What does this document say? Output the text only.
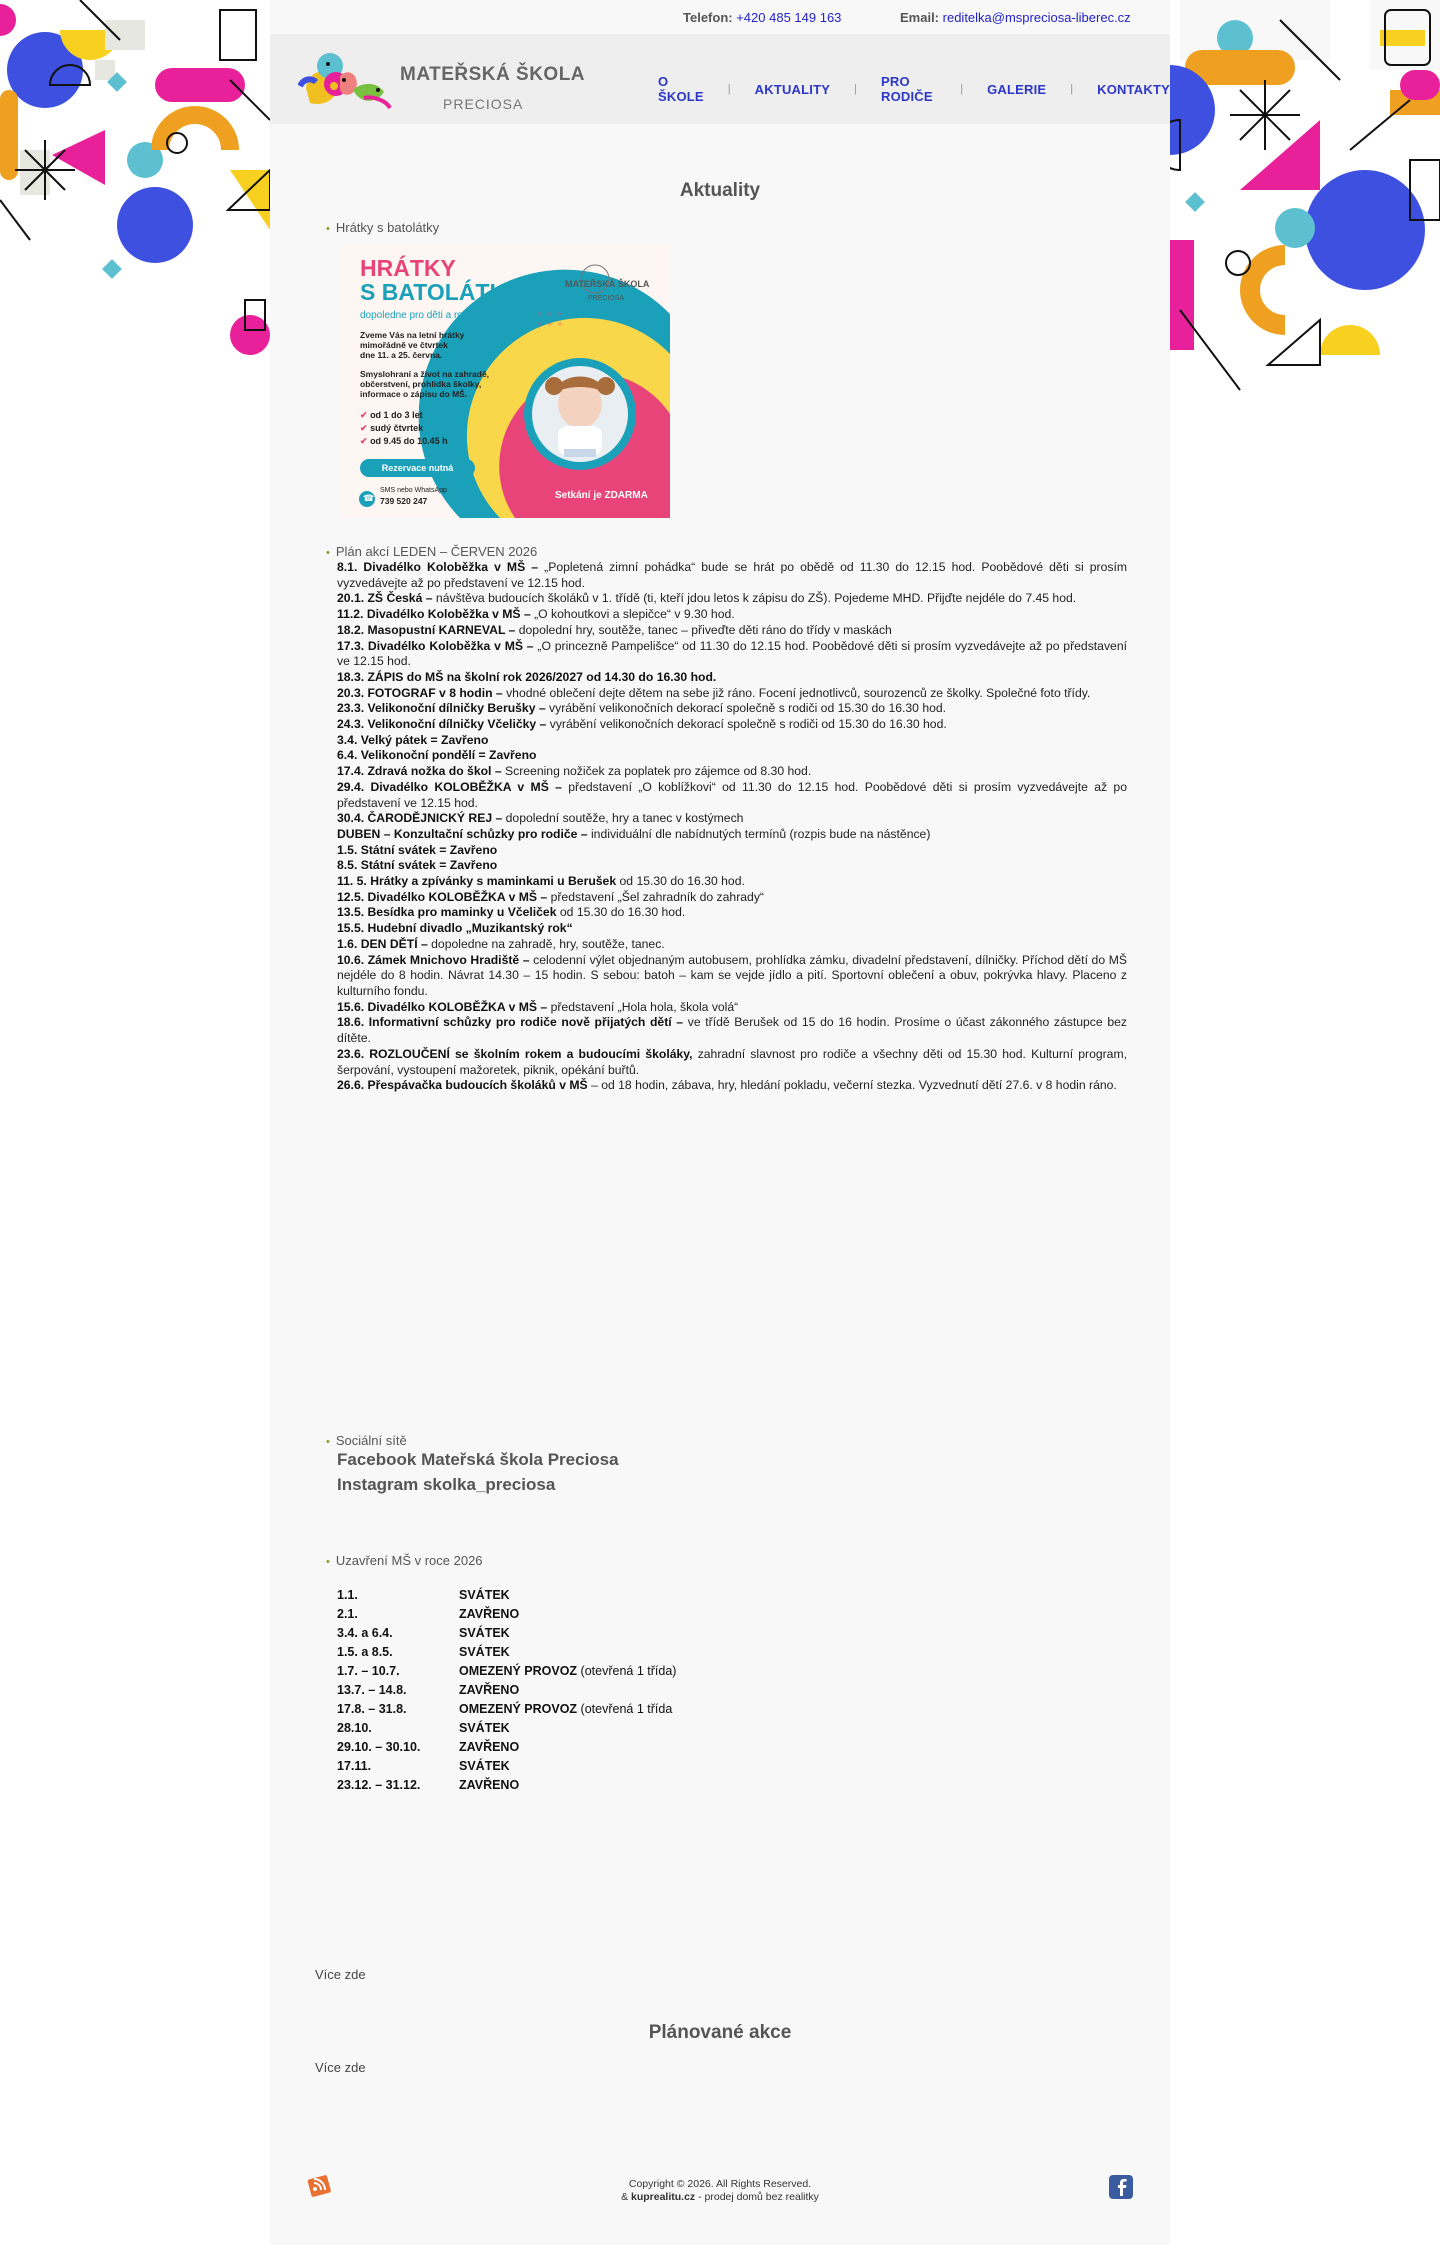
Telefon: +420 485 149 163	Email: reditelka@mspreciosa-liberec.cz
MATEŘSKÁ ŠKOLA
PRECIOSA
O ŠKOLE | AKTUALITY | PRO RODIČE	| GALERIE | KONTAKTY
Aktuality
• Hrátky s batolátky
HRÁTKY
S BATOLÁTKY
dopoledne pro děti a rodiče
Zveme Vás na letní hrátky
mimořádně ve čtvrtek
dne 11. a 25. června.
Smyslohraní a život na zahradě,
občerstvení, prohlídka školky,
informace o zápisu do MŠ.
✔ od 1 do 3 let
✔ sudý čtvrtek
✔ od 9.45 do 10.45 h
Rezervace nutná
☎
SMS nebo WhatsApp
739 520 247	Setkání je ZDARMA
MATEŘSKÁ ŠKOLA
PRECIOSA
• Plán akcí LEDEN – ČERVEN 2026
8.1. Divadélko Koloběžka v MŠ – „Popletená zimní pohádka“ bude se hrát po obědě od 11.30 do 12.15 hod. Poobědové děti si prosím vyzvedávejte až po představení ve 12.15 hod.
20.1. ZŠ Česká – návštěva budoucích školáků v 1. třídě (ti, kteří jdou letos k zápisu do ZŠ). Pojedeme MHD. Přijďte nejdéle do 7.45 hod.
11.2. Divadélko Koloběžka v MŠ – „O kohoutkovi a slepičce“ v 9.30 hod.
18.2. Masopustní KARNEVAL – dopolední hry, soutěže, tanec – přiveďte děti ráno do třídy v maskách
17.3. Divadélko Koloběžka v MŠ – „O princezně Pampelišce“ od 11.30 do 12.15 hod. Poobědové děti si prosím vyzvedávejte až po představení ve 12.15 hod.
18.3. ZÁPIS do MŠ na školní rok 2026/2027 od 14.30 do 16.30 hod.
20.3. FOTOGRAF v 8 hodin – vhodné oblečení dejte dětem na sebe již ráno. Focení jednotlivců, sourozenců ze školky. Společné foto třídy.
23.3. Velikonoční dílničky Berušky – vyrábění velikonočních dekorací společně s rodiči od 15.30 do 16.30 hod.
24.3. Velikonoční dílničky Včeličky – vyrábění velikonočních dekorací společně s rodiči od 15.30 do 16.30 hod.
3.4. Velký pátek = Zavřeno
6.4. Velikonoční pondělí = Zavřeno
17.4. Zdravá nožka do škol – Screening nožiček za poplatek pro zájemce od 8.30 hod.
29.4. Divadélko KOLOBĚŽKA v MŠ – představení „O koblížkovi“ od 11.30 do 12.15 hod. Poobědové děti si prosím vyzvedávejte až po představení ve 12.15 hod.
30.4. ČARODĚJNICKÝ REJ – dopolední soutěže, hry a tanec v kostýmech
DUBEN – Konzultační schůzky pro rodiče – individuální dle nabídnutých termínů (rozpis bude na nástěnce)
1.5. Státní svátek = Zavřeno
8.5. Státní svátek = Zavřeno
11. 5. Hrátky a zpívánky s maminkami u Berušek od 15.30 do 16.30 hod.
12.5. Divadélko KOLOBĚŽKA v MŠ – představení „Šel zahradník do zahrady“
13.5. Besídka pro maminky u Včeliček od 15.30 do 16.30 hod.
15.5. Hudební divadlo „Muzikantský rok“
1.6. DEN DĚTÍ – dopoledne na zahradě, hry, soutěže, tanec.
10.6. Zámek Mnichovo Hradiště – celodenní výlet objednaným autobusem, prohlídka zámku, divadelní představení, dílničky. Příchod dětí do MŠ nejdéle do 8 hodin. Návrat 14.30 – 15 hodin. S sebou: batoh – kam se vejde jídlo a pití. Sportovní oblečení a obuv, pokrývka hlavy. Placeno z kulturního fondu.
15.6. Divadélko KOLOBĚŽKA v MŠ – představení „Hola hola, škola volá“
18.6. Informativní schůzky pro rodiče nově přijatých dětí – ve třídě Berušek od 15 do 16 hodin. Prosíme o účast zákonného zástupce bez dítěte.
23.6. ROZLOUČENÍ se školním rokem a budoucími školáky, zahradní slavnost pro rodiče a všechny děti od 15.30 hod. Kulturní program, šerpování, vystoupení mažoretek, piknik, opékání buřtů.
26.6. Přespávačka budoucích školáků v MŠ – od 18 hodin, zábava, hry, hledání pokladu, večerní stezka. Vyzvednutí dětí 27.6. v 8 hodin ráno.
• Sociální sítě
Facebook Mateřská škola Preciosa
Instagram skolka_preciosa
• Uzavření MŠ v roce 2026
1.1.	SVÁTEK
2.1.	ZAVŘENO
3.4. a 6.4.	SVÁTEK
1.5. a 8.5.	SVÁTEK
1.7. – 10.7.	OMEZENÝ PROVOZ (otevřená 1 třída)
13.7. – 14.8.	ZAVŘENO
17.8. – 31.8.	OMEZENÝ PROVOZ (otevřená 1 třída
28.10.	SVÁTEK
29.10. – 30.10.	ZAVŘENO
17.11.	SVÁTEK
23.12. – 31.12.	ZAVŘENO
Více zde
Plánované akce
Více zde
Copyright © 2026. All Rights Reserved.
& kuprealitu.cz - prodej domů bez realitky
